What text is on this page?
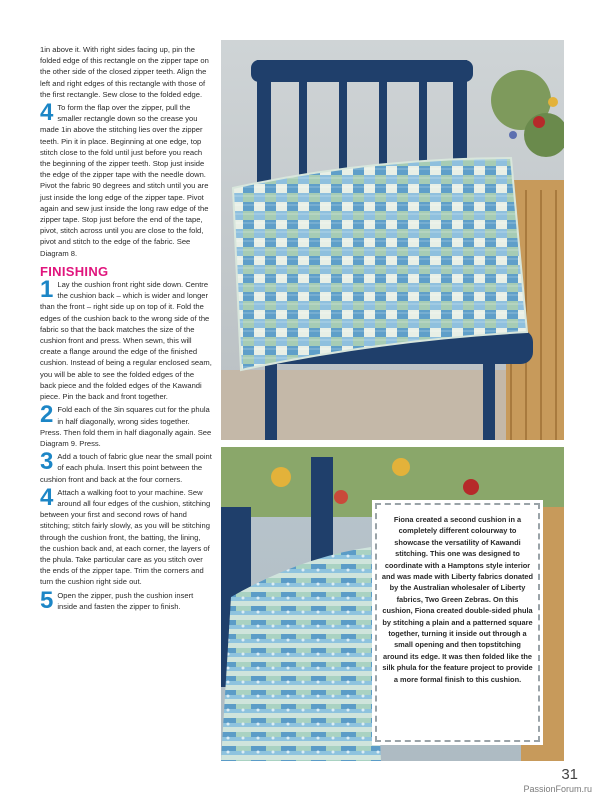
1in above it. With right sides facing up, pin the folded edge of this rectangle on the zipper tape on the other side of the closed zipper teeth. Align the left and right edges of this rectangle with those of the first rectangle. Sew close to the folded edge.

4 To form the flap over the zipper, pull the smaller rectangle down so the crease you made 1in above the stitching lies over the zipper teeth. Pin it in place. Beginning at one edge, top stitch close to the fold until just before you reach the beginning of the zipper teeth. Stop just inside the edge of the zipper tape with the needle down. Pivot the fabric 90 degrees and stitch until you are just inside the long edge of the zipper tape. Pivot again and sew just inside the long raw edge of the zipper tape. Stop just before the end of the tape, pivot, stitch across until you are close to the fold, pivot and stitch to the edge of the fabric. See Diagram 8.
FINISHING
1 Lay the cushion front right side down. Centre the cushion back – which is wider and longer than the front – right side up on top of it. Fold the edges of the cushion back to the wrong side of the fabric so that the back matches the size of the cushion front and press. When sewn, this will create a flange around the edge of the finished cushion. Instead of being a regular enclosed seam, you will be able to see the folded edges of the back piece and the folded edges of the Kawandi piece. Pin the back and front together.
2 Fold each of the 3in squares cut for the phula in half diagonally, wrong sides together. Press. Then fold them in half diagonally again. See Diagram 9. Press.
3 Add a touch of fabric glue near the small point of each phula. Insert this point between the cushion front and back at the four corners.
4 Attach a walking foot to your machine. Sew around all four edges of the cushion, stitching between your first and second rows of hand stitching; stitch fairly slowly, as you will be stitching through the cushion front, the batting, the lining, the cushion back and, at each corner, the layers of the phula. Take particular care as you stitch over the ends of the zipper tape. Trim the corners and turn the cushion right side out.
5 Open the zipper, push the cushion insert inside and fasten the zipper to finish.
Fiona created a second cushion in a completely different colourway to showcase the versatility of Kawandi stitching. This one was designed to coordinate with a Hamptons style interior and was made with Liberty fabrics donated by the Australian wholesaler of Liberty fabrics, Two Green Zebras. On this cushion, Fiona created double-sided phula by stitching a plain and a patterned square together, turning it inside out through a small opening and then topstitching around its edge. It was then folded like the silk phula for the feature project to provide a more formal finish to this cushion.
31
PassionForum.ru
